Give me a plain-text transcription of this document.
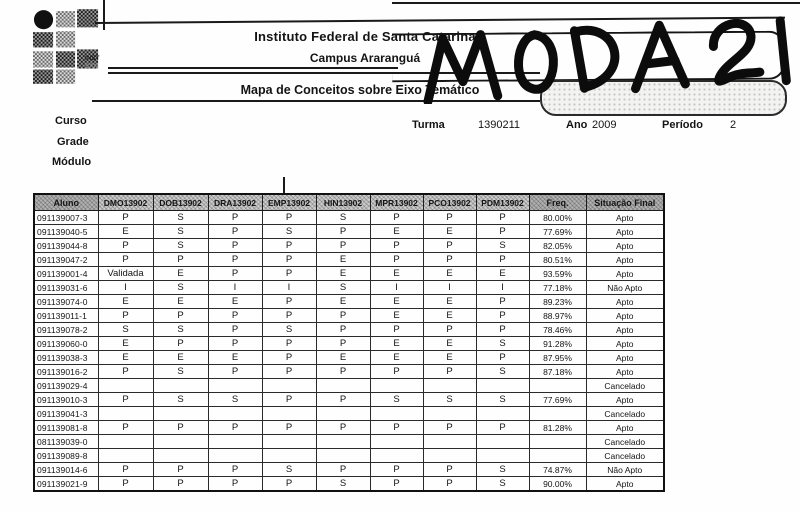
INST
SAN
Instituto Federal de Santa Catarina
Campus Araranguá
Mapa de Conceitos sobre Eixo Temático
Curso
Grade
Módulo
Turma	1390211	Ano 2009	Período 2
Aluno	DMO13902	DOB13902	DRA13902	EMP13902	HIN13902	MPR13902	PCO13902	PDM13902	Freq.	Situação Final
091139007-3	P	S	P	P	S	P	P	P	80.00%	Apto
091139040-5	E	S	P	S	P	E	E	P	77.69%	Apto
091139044-8	P	S	P	P	P	P	P	S	82.05%	Apto
091139047-2	P	P	P	P	E	P	P	P	80.51%	Apto
091139001-4	Validada	E	P	P	E	E	E	E	93.59%	Apto
091139031-6	I	S	I	I	S	I	I	I	77.18%	Não Apto
091139074-0	E	E	E	P	E	E	E	P	89.23%	Apto
091139011-1	P	P	P	P	P	E	E	P	88.97%	Apto
091139078-2	S	S	P	S	P	P	P	P	78.46%	Apto
091139060-0	E	P	P	P	P	E	E	S	91.28%	Apto
091139038-3	E	E	E	P	E	E	E	P	87.95%	Apto
091139016-2	P	S	P	P	P	P	P	S	87.18%	Apto
091139029-4										Cancelado
091139010-3	P	S	S	P	P	S	S	S	77.69%	Apto
091139041-3										Cancelado
091139081-8	P	P	P	P	P	P	P	P	81.28%	Apto
081139039-0										Cancelado
091139089-8										Cancelado
091139014-6	P	P	P	S	P	P	P	S	74.87%	Não Apto
091139021-9	P	P	P	P	S	P	P	S	90.00%	Apto
